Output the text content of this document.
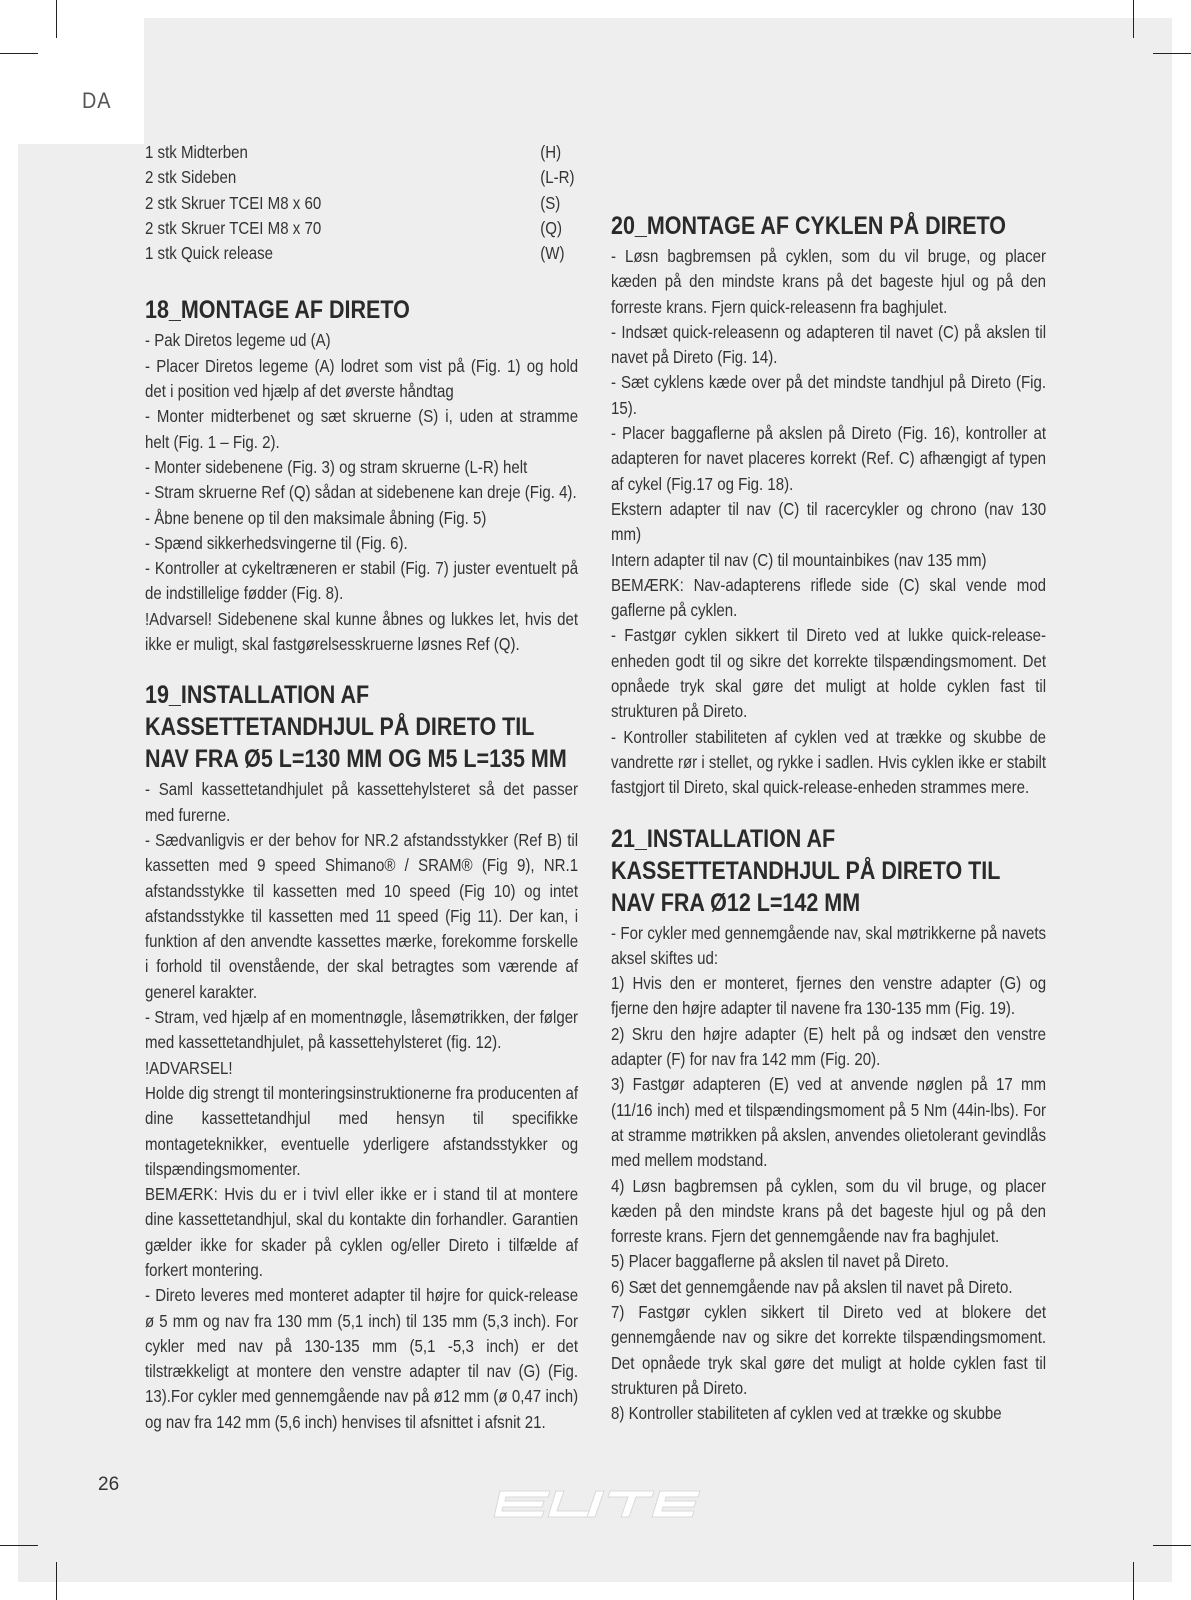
DA
1 stk Midterben	(H)
2 stk Sideben	(L-R)
2 stk Skruer TCEI M8 x 60	(S)
2 stk Skruer TCEI M8 x 70	(Q)
1 stk Quick release	(W)
18_MONTAGE AF DIRETO

- Pak Diretos legeme ud (A)

- Placer Diretos legeme (A) lodret som vist på (Fig. 1) og hold det i position ved hjælp af det øverste håndtag

- Monter midterbenet og sæt skruerne (S) i, uden at stramme helt (Fig. 1 – Fig. 2).

- Monter sidebenene (Fig. 3) og stram skruerne (L-R) helt

- Stram skruerne Ref (Q) sådan at sidebenene kan dreje (Fig. 4).

- Åbne benene op til den maksimale åbning (Fig. 5)

- Spænd sikkerhedsvingerne til (Fig. 6).

- Kontroller at cykeltræneren er stabil (Fig. 7) juster eventuelt på de indstillelige fødder (Fig. 8).

!Advarsel! Sidebenene skal kunne åbnes og lukkes let, hvis det ikke er muligt, skal fastgørelsesskruerne løsnes Ref (Q).

19_INSTALLATION AF KASSETTETANDHJUL PÅ DIRETO TIL NAV FRA Ø5 L=130 MM OG M5 L=135 MM

- Saml kassettetandhjulet på kassettehylsteret så det passer med furerne.

- Sædvanligvis er der behov for NR.2 afstandsstykker (Ref B) til kassetten med 9 speed Shimano® / SRAM® (Fig 9), NR.1 afstandsstykke til kassetten med 10 speed (Fig 10) og intet afstandsstykke til kassetten med 11 speed (Fig 11). Der kan, i funktion af den anvendte kassettes mærke, forekomme forskelle i forhold til ovenstående, der skal betragtes som værende af generel karakter.

- Stram, ved hjælp af en momentnøgle, låsemøtrikken, der følger med kassettetandhjulet, på kassettehylsteret (fig. 12).

!ADVARSEL!

Holde dig strengt til monteringsinstruktionerne fra producenten af dine kassettetandhjul med hensyn til specifikke montageteknikker, eventuelle yderligere afstandsstykker og tilspændingsmomenter.

BEMÆRK: Hvis du er i tvivl eller ikke er i stand til at montere dine kassettetandhjul, skal du kontakte din forhandler. Garantien gælder ikke for skader på cyklen og/eller Direto i tilfælde af forkert montering.

- Direto leveres med monteret adapter til højre for quick-release ø 5 mm og nav fra 130 mm (5,1 inch) til 135 mm (5,3 inch). For cykler med nav på 130-135 mm (5,1 -5,3 inch) er det tilstrækkeligt at montere den venstre adapter til nav (G) (Fig. 13).For cykler med gennemgående nav på ø12 mm (ø 0,47 inch) og nav fra 142 mm (5,6 inch) henvises til afsnittet i afsnit 21.

20_MONTAGE AF CYKLEN PÅ DIRETO

- Løsn bagbremsen på cyklen, som du vil bruge, og placer kæden på den mindste krans på det bageste hjul og på den forreste krans. Fjern quick-releasenn fra baghjulet.

- Indsæt quick-releasenn og adapteren til navet (C) på akslen til navet på Direto (Fig. 14).

- Sæt cyklens kæde over på det mindste tandhjul på Direto (Fig. 15).

- Placer baggaflerne på akslen på Direto (Fig. 16), kontroller at adapteren for navet placeres korrekt (Ref. C) afhængigt af typen af cykel (Fig.17 og Fig. 18).

Ekstern adapter til nav (C) til racercykler og chrono (nav 130 mm)

Intern adapter til nav (C) til mountainbikes (nav 135 mm)

BEMÆRK: Nav-adapterens riflede side (C) skal vende mod gaflerne på cyklen.

- Fastgør cyklen sikkert til Direto ved at lukke quick-release-enheden godt til og sikre det korrekte tilspændingsmoment. Det opnåede tryk skal gøre det muligt at holde cyklen fast til strukturen på Direto.

- Kontroller stabiliteten af cyklen ved at trække og skubbe de vandrette rør i stellet, og rykke i sadlen. Hvis cyklen ikke er stabilt fastgjort til Direto, skal quick-release-enheden strammes mere.

21_INSTALLATION AF KASSETTETANDHJUL PÅ DIRETO TIL NAV FRA Ø12 L=142 MM

- For cykler med gennemgående nav, skal møtrikkerne på navets aksel skiftes ud:

1) Hvis den er monteret, fjernes den venstre adapter (G) og fjerne den højre adapter til navene fra 130-135 mm (Fig. 19).

2) Skru den højre adapter (E) helt på og indsæt den venstre adapter (F) for nav fra 142 mm (Fig. 20).

3) Fastgør adapteren (E) ved at anvende nøglen på 17 mm (11/16 inch) med et tilspændingsmoment på 5 Nm (44in-lbs). For at stramme møtrikken på akslen, anvendes olietolerant gevindlås med mellem modstand.

4) Løsn bagbremsen på cyklen, som du vil bruge, og placer kæden på den mindste krans på det bageste hjul og på den forreste krans. Fjern det gennemgående nav fra baghjulet.

5) Placer baggaflerne på akslen til navet på Direto.

6) Sæt det gennemgående nav på akslen til navet på Direto.

7) Fastgør cyklen sikkert til Direto ved at blokere det gennemgående nav og sikre det korrekte tilspændingsmoment. Det opnåede tryk skal gøre det muligt at holde cyklen fast til strukturen på Direto.

8) Kontroller stabiliteten af cyklen ved at trække og skubbe

26
